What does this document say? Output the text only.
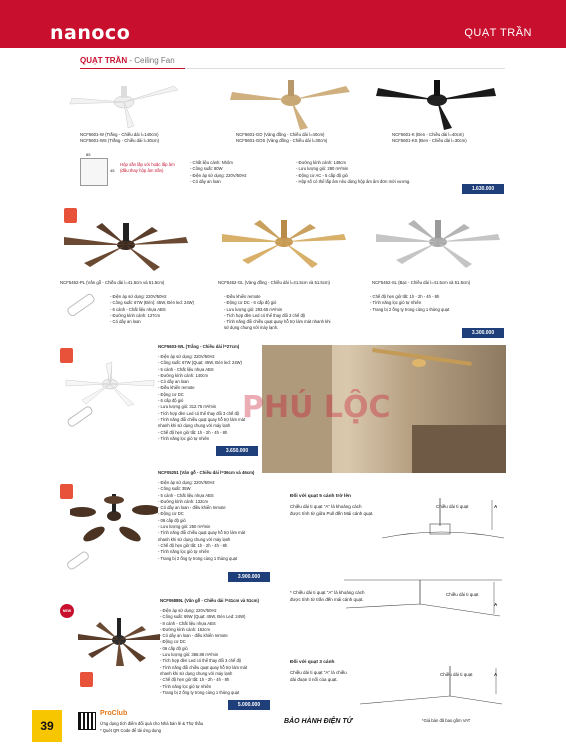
nanoco	QUẠT TRẦN
QUẠT TRẦN - Ceiling Fan
NCF5601-W (Trắng - Chiều dài l=140cm)
NCF5601-WS (Trắng - Chiều dài l=30cm)
NCF5601-GO (Vàng đồng - Chiều dài l=40cm)
NCF5601-GOS (Vàng đồng - Chiều dài l=30cm)
NCF5601-K (Đen - Chiều dài l=40cm)
NCF5601-KS (Đen - Chiều dài l=30cm)
85
45
Hộp sẵn lắp với hoặc lắp âm
(đầu thay hộp âm trần)
- Chất liệu cánh: Nhôm
- Công suất: 80W
- Điện áp sử dụng: 220V/50Hz
- Có dây an loan
- Đường kính cánh: 148cm
- Lưu lượng gió: 290 m³/min
- Động cơ AC - 5 cấp độ gió
- Hộp số có thể lắp âm nêu dùng hộp âm âm đơn mời vương.
1.630.000
NCF5462-PL (Vân gỗ - Chiều dài l=41.5cm và 51.5cm)	NCF5462-GL (Vàng đồng - Chiều dài l=41.5cm và 51.5cm)	NCF5462-SL (Bạc - Chiều dài l=41.5cm và 51.5cm)
- Điện áp sử dụng: 220V/50Hz
- Công suất: 67W (Đèn): 45W, Đèn led: 24W)
- 6 cánh - Chất liệu nhựa ABS
- Đường kính cánh: 137cm
- Có dây an loan
- Điều khiển remote
- Động cơ DC - 6 cấp độ gió
- Lưu lượng gió: 293.65 m³/min
- Tích hợp đèn Led có thể thay đổi 3 chế độ
- Tính năng đổi chiều quạt quay hỗ trợ làm mát nhanh khi
sử dụng chung với máy lạnh.
- Chế độ hẹn giờ tắt: 1h - 2h - 4h - 8h
- Tính năng lọc gió tự nhiên
- Trang bị 2 ống ty trong cùng 1 thùng quạt
3.300.000
NCF5603-WL (Trắng - Chiều dài l=27cm)
- Điện áp sử dụng: 220V/50Hz
- Công suất: 67W (Quạt: 45W, Đèn led: 24W)
- 5 cánh - Chất liệu nhựa ABS
- Đường kính cánh: 140cm
- Có dây an loan
- Điều khiển remote
- Động cơ DC
- 6 cấp độ gió
- Lưu lượng gió: 312.75 m³/min
- Tích hợp đèn Led có thể thay đổi 3 chế độ
- Tính năng đổi chiều quạt quay hỗ trợ làm mát
nhanh khi sử dụng chung với máy lạnh
- Chế độ hẹn giờ tắt: 1h - 2h - 4h - 8h
- Tính năng lọc gió tự nhiên
3.650.000
PHÚ LỘC
NCF05251 (Vân gỗ - Chiều dài l=36cm và 46cm)
- Điện áp sử dụng: 220V/50Hz
- Công suất: 35W
- 5 cánh - Chất liệu nhựa ABS
- Đường kính cánh: 132cm
- Có dây an loan - điều khiển remote
- Động cơ DC
- 06 cấp độ gió
- Lưu lượng gió: 250 m³/min
- Tính năng đổi chiều quạt quay hỗ trợ làm mát
nhanh khi sử dụng chung với máy lạnh
- Chế độ hẹn giờ tắt: 1h - 2h - 4h - 8h
- Tính năng lọc gió tự nhiên
- Trang bị 2 ống ty trong cùng 1 thùng quạt
3.900.000
NEW
NCF06889L (Vân gỗ - Chiều dài l=41cm và 51cm)
- Điện áp sử dụng: 220V/50Hz
- Công suất: 69W (Quạt: 45W, Đèn Led: 24W)
- 8 cánh - Chất liệu nhựa ABS
- Đường kính cánh: 152cm
- Có dây an loan - điều khiển remote
- Động cơ DC
- 06 cấp độ gió
- Lưu lượng gió: 366.86 m³/min
- Tích hợp đèn Led có thể thay đổi 3 chế độ
- Tính năng đổi chiều quạt quay hỗ trợ làm mát
nhanh khi sử dụng chung với máy lạnh
- Chế độ hẹn giờ tắt: 1h - 2h - 4h - 8h
- Tính năng lọc gió tự nhiên
- Trang bị 2 ống ty trong cùng 1 thùng quạt
5.000.000
Đối với quạt 5 cánh trở lên
Chiều dài ti quạt "A" là khoảng cách
được tính từ giữa Pull đến Mái cánh quạt.
Chiều dài ti quạt	A
* Chiều dài ti quạt "A" là khoảng cách
được tính từ trần đến mái cánh quạt.
Chiều dài ti quạt
A
Đối với quạt 3 cánh
Chiều dài ti quạt "A" là chiều
dài đoạn ti nối của quạt.
Chiều dài ti quạt	A
39
ProClub
Ứng dụng tích điểm đổi quà cho Nhà bán lẻ & Thợ thầu
* Quét QR Code để tải ứng dụng
BẢO HÀNH ĐIỆN TỬ	*Giá bán đã bao gồm VAT
